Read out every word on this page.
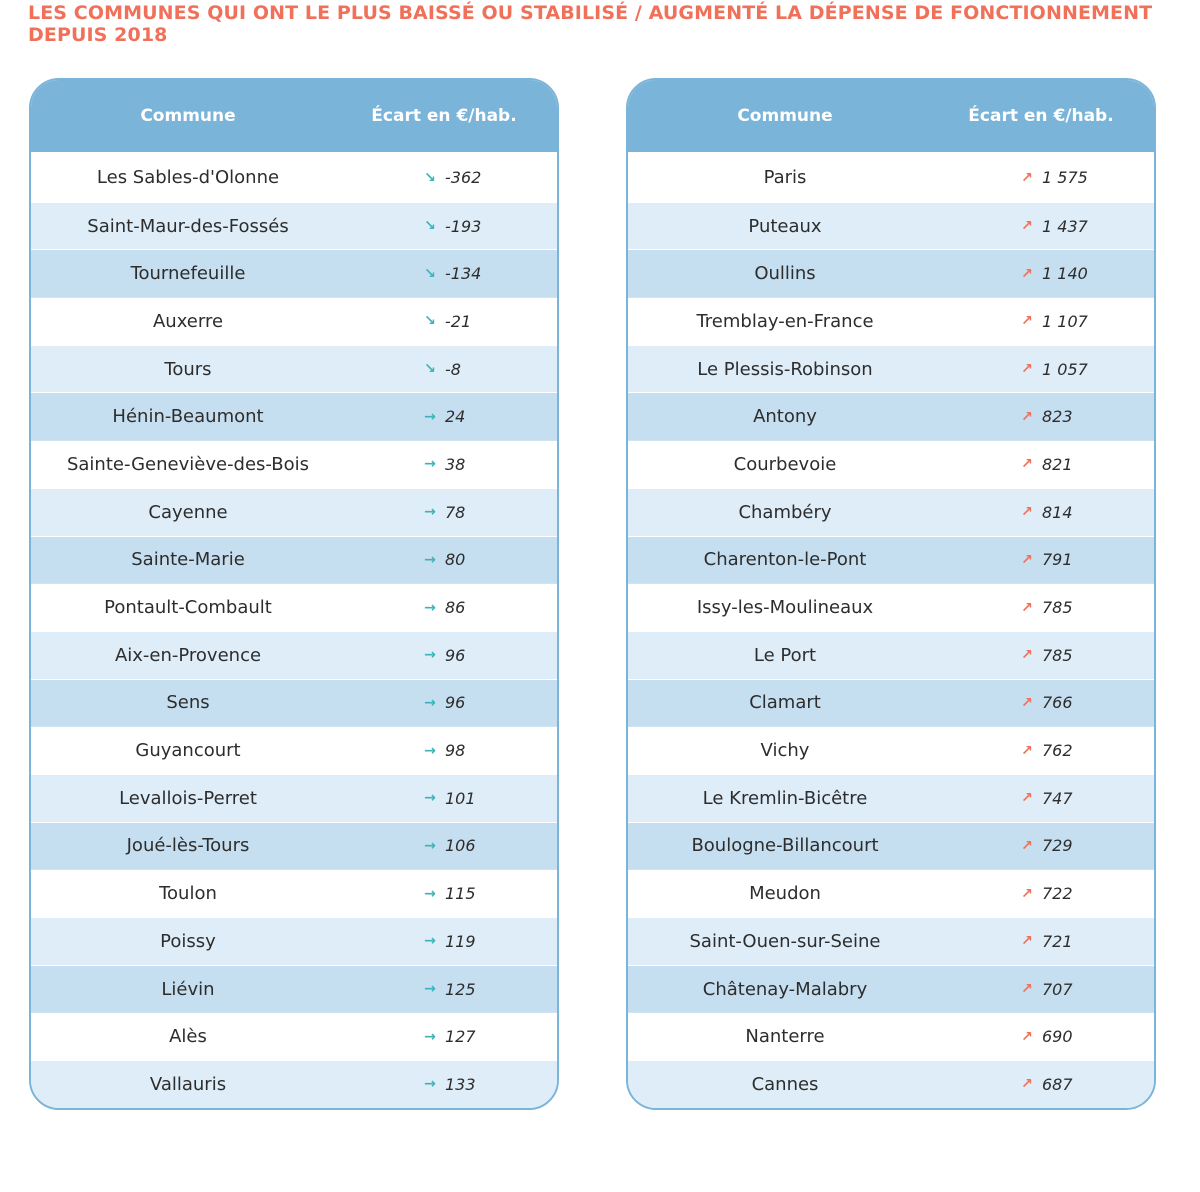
LES COMMUNES QUI ONT LE PLUS BAISSÉ OU STABILISÉ / AUGMENTÉ LA DÉPENSE DE FONCTIONNEMENT DEPUIS 2018
Commune	Écart en €/hab.
Les Sables-d'Olonne	↘ -362
Saint-Maur-des-Fossés	↘ -193
Tournefeuille	↘ -134
Auxerre	↘ -21
Tours	↘ -8
Hénin-Beaumont	→ 24
Sainte-Geneviève-des-Bois	→ 38
Cayenne	→ 78
Sainte-Marie	→ 80
Pontault-Combault	→ 86
Aix-en-Provence	→ 96
Sens	→ 96
Guyancourt	→ 98
Levallois-Perret	→ 101
Joué-lès-Tours	→ 106
Toulon	→ 115
Poissy	→ 119
Liévin	→ 125
Alès	→ 127
Vallauris	→ 133
Commune	Écart en €/hab.
Paris	↗ 1 575
Puteaux	↗ 1 437
Oullins	↗ 1 140
Tremblay-en-France	↗ 1 107
Le Plessis-Robinson	↗ 1 057
Antony	↗ 823
Courbevoie	↗ 821
Chambéry	↗ 814
Charenton-le-Pont	↗ 791
Issy-les-Moulineaux	↗ 785
Le Port	↗ 785
Clamart	↗ 766
Vichy	↗ 762
Le Kremlin-Bicêtre	↗ 747
Boulogne-Billancourt	↗ 729
Meudon	↗ 722
Saint-Ouen-sur-Seine	↗ 721
Châtenay-Malabry	↗ 707
Nanterre	↗ 690
Cannes	↗ 687
